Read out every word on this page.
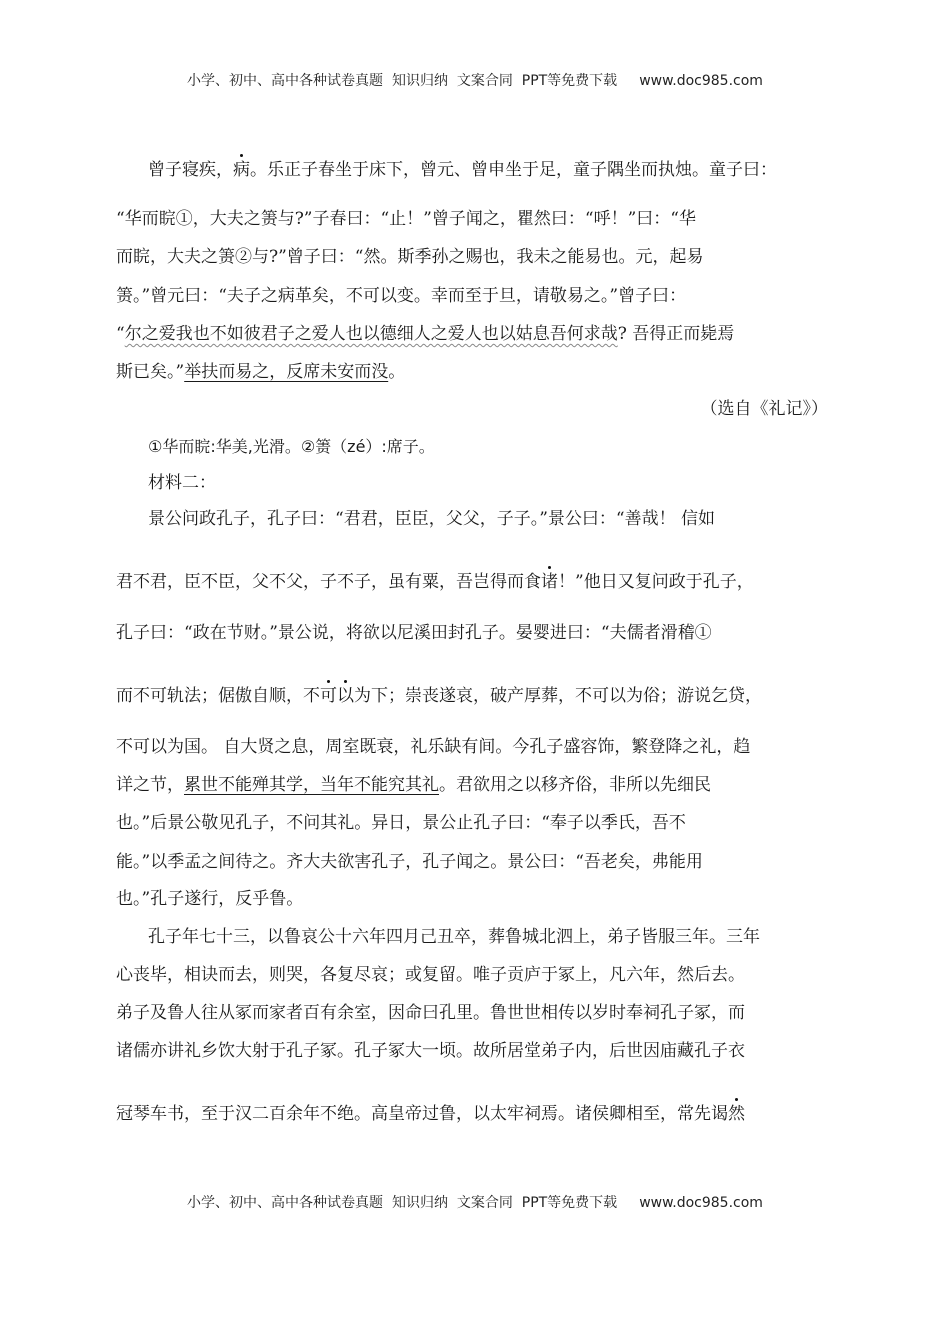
小学、初中、高中各种试卷真题  知识归纳  文案合同  PPT等免费下载 www.doc985.com
曾子寝疾，病。乐正子春坐于床下，曾元、曾申坐于足，童子隅坐而执烛。童子曰：
“华而睆①，大夫之箦与?”子春曰：“止！”曾子闻之，瞿然曰：“呼！”曰：“华
而睆，大夫之箦②与?”曾子曰：“然。斯季孙之赐也，我未之能易也。元，起易
箦。”曾元曰：“夫子之病革矣，不可以变。幸而至于旦，请敬易之。”曾子曰：
“尔之爱我也不如彼君子之爱人也以德细人之爱人也以姑息吾何求哉? 吾得正而毙焉
斯已矣。”举扶而易之，反席未安而没。
（选自《礼记》）
①华而睆:华美,光滑。②箦（zé）:席子。
材料二：
景公问政孔子，孔子曰：“君君，臣臣，父父，子子。”景公曰：“善哉！ 信如
君不君，臣不臣，父不父，子不子，虽有粟，吾岂得而食诸！”他日又复问政于孔子，
孔子曰：“政在节财。”景公说，将欲以尼溪田封孔子。晏婴进曰：“夫儒者滑稽①
而不可轨法；倨傲自顺，不可以为下；崇丧遂哀，破产厚葬，不可以为俗；游说乞贷，
不可以为国。 自大贤之息，周室既衰，礼乐缺有间。今孔子盛容饰，繁登降之礼，趋
详之节，累世不能殚其学，当年不能究其礼。君欲用之以移齐俗，非所以先细民
也。”后景公敬见孔子，不问其礼。异日，景公止孔子曰：“奉子以季氏，吾不
能。”以季孟之间待之。齐大夫欲害孔子，孔子闻之。景公曰：“吾老矣，弗能用
也。”孔子遂行，反乎鲁。
孔子年七十三，以鲁哀公十六年四月己丑卒，葬鲁城北泗上，弟子皆服三年。三年
心丧毕，相诀而去，则哭，各复尽哀；或复留。唯子贡庐于冢上，凡六年，然后去。
弟子及鲁人往从冢而家者百有余室，因命曰孔里。鲁世世相传以岁时奉祠孔子冢，而
诸儒亦讲礼乡饮大射于孔子冢。孔子冢大一顷。故所居堂弟子内，后世因庙藏孔子衣
冠琴车书，至于汉二百余年不绝。高皇帝过鲁，以太牢祠焉。诸侯卿相至，常先谒然
小学、初中、高中各种试卷真题  知识归纳  文案合同  PPT等免费下载 www.doc985.com
